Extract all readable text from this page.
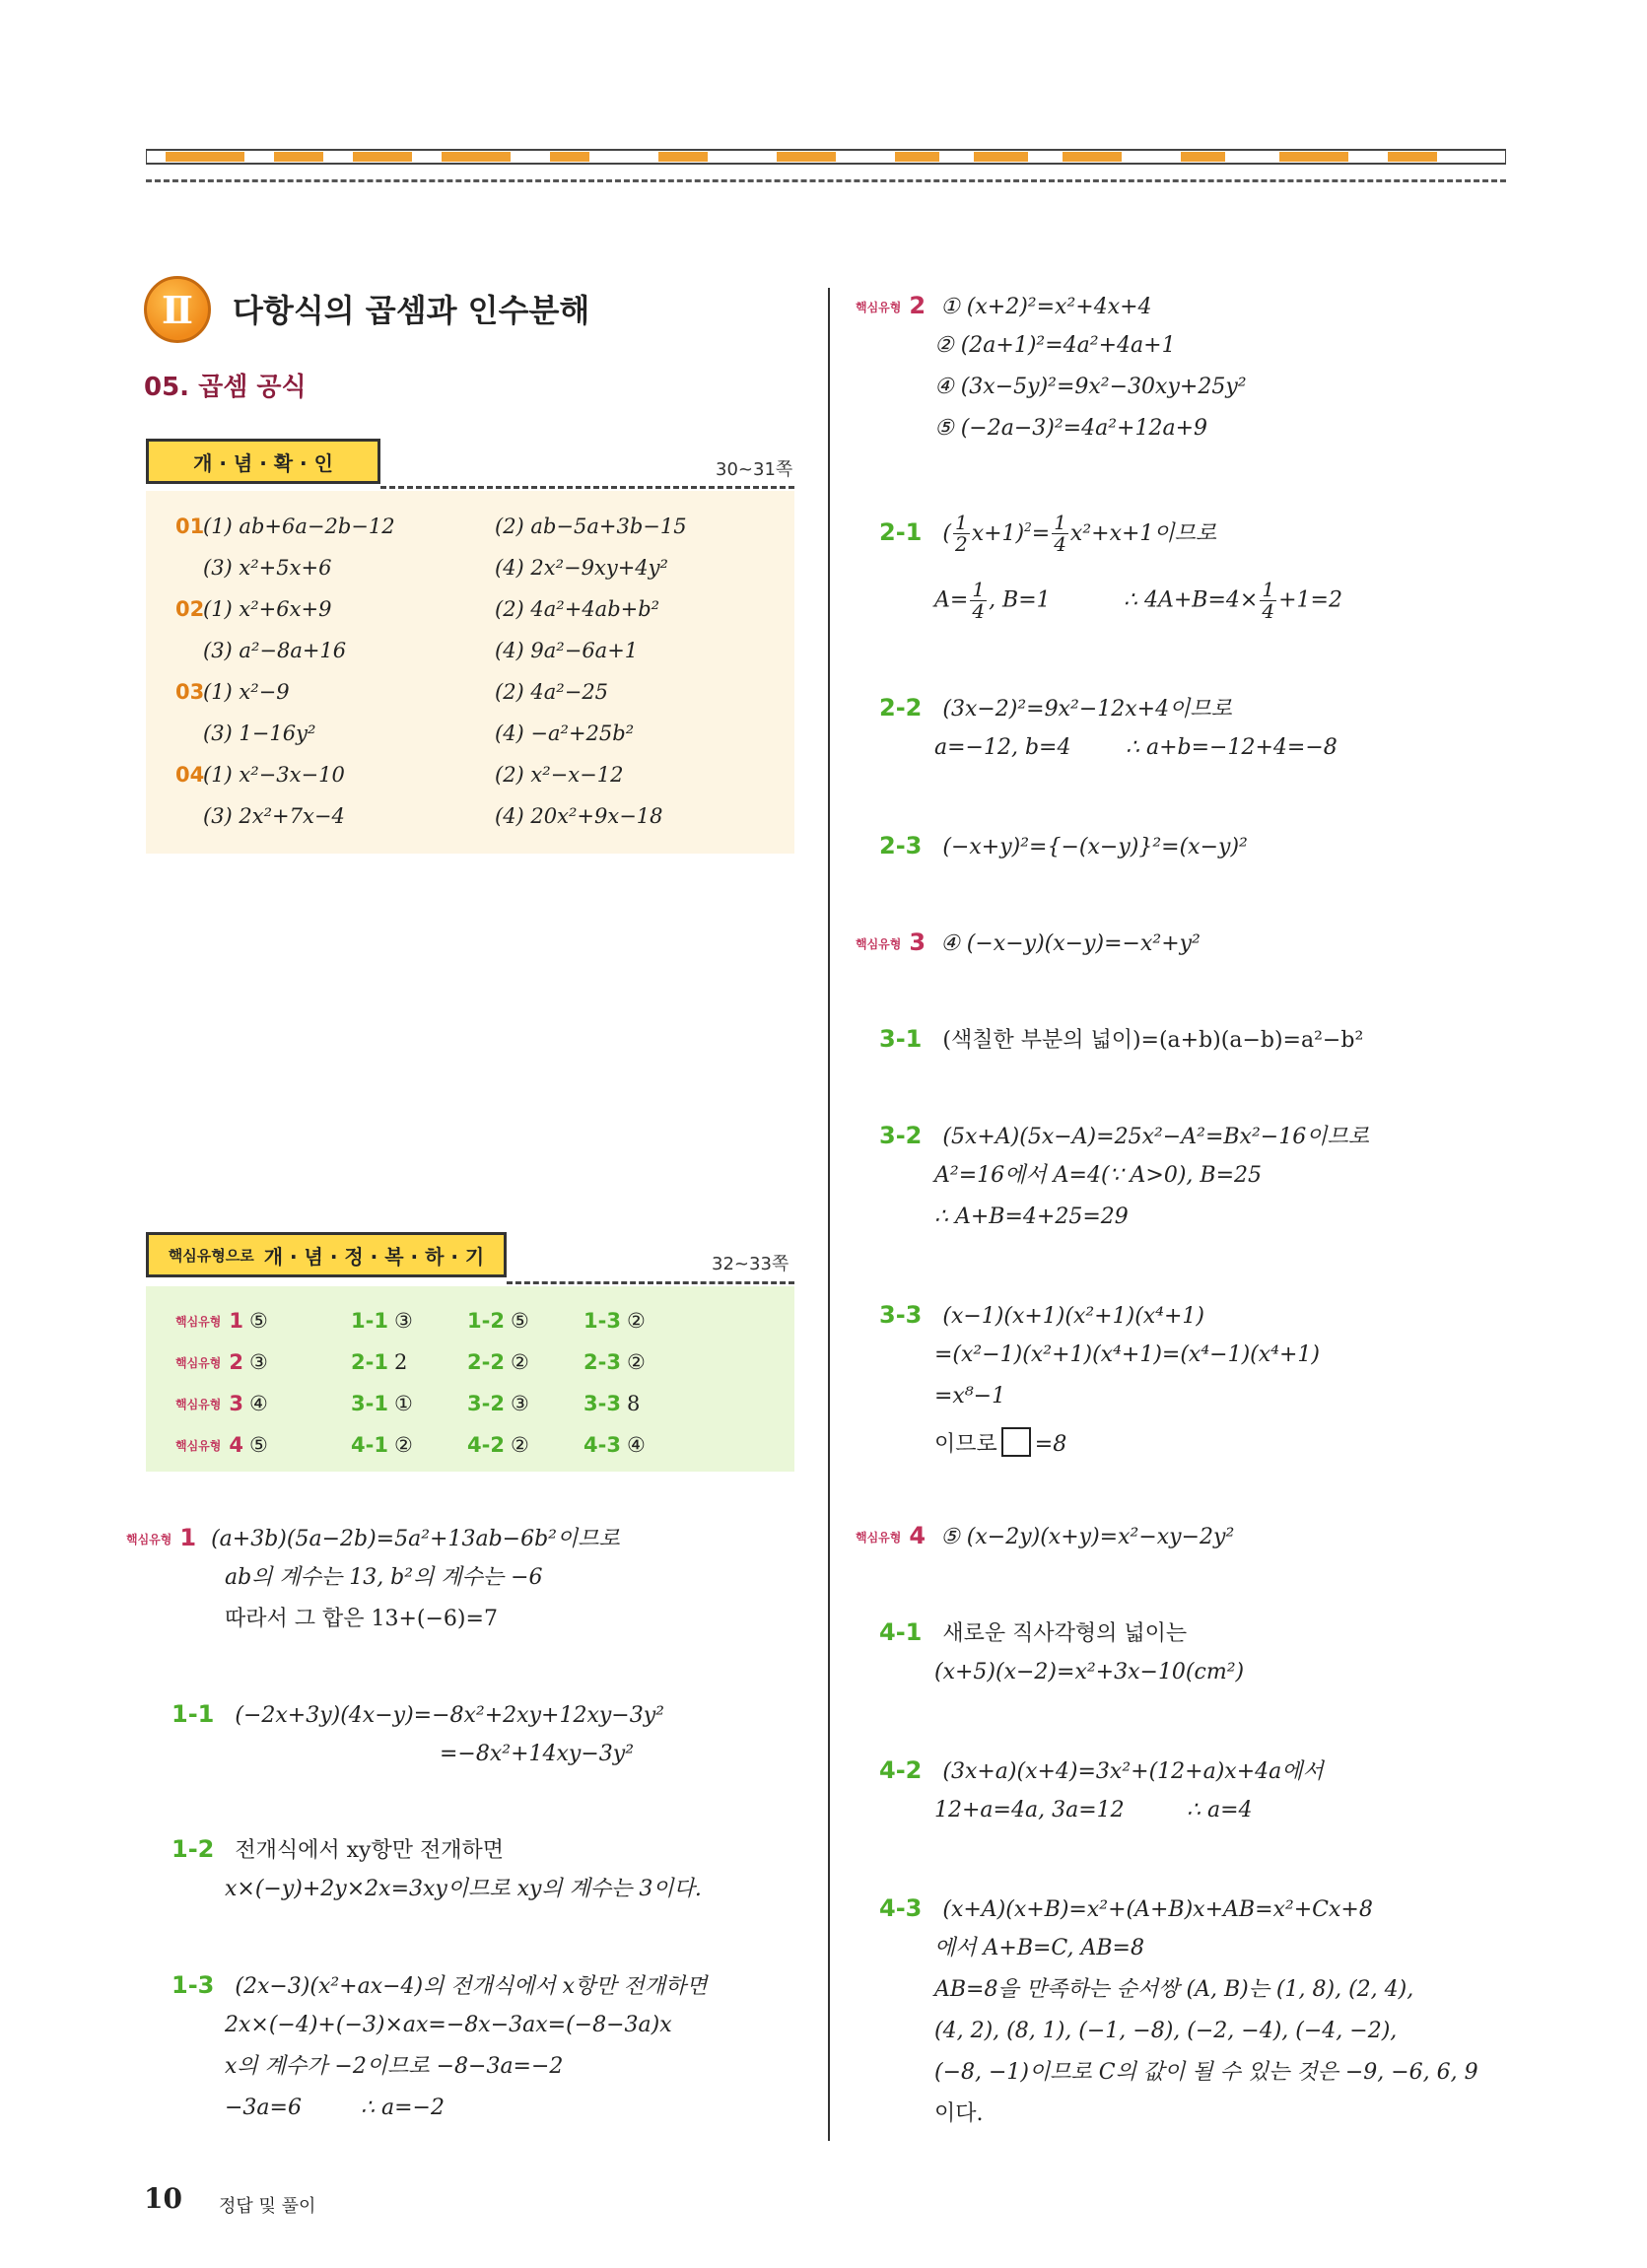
Ⅱ 다항식의 곱셈과 인수분해
05. 곱셈 공식
개 · 념 · 확 · 인	30~31쪽
01
(1) ab+6a−2b−12	(2) ab−5a+3b−15
(3) x²+5x+6	(4) 2x²−9xy+4y²
02
(1) x²+6x+9	(2) 4a²+4ab+b²
(3) a²−8a+16	(4) 9a²−6a+1
03
(1) x²−9	(2) 4a²−25
(3) 1−16y²	(4) −a²+25b²
04
(1) x²−3x−10	(2) x²−x−12
(3) 2x²+7x−4	(4) 20x²+9x−18
핵심유형으로 개 · 념 · 정 · 복 · 하 · 기	32~33쪽
핵심유형 1 ⑤	1-1 ③	1-2 ⑤	1-3 ②
핵심유형 2 ③	2-1 2	2-2 ②	2-3 ②
핵심유형 3 ④	3-1 ①	3-2 ③	3-3 8
핵심유형 4 ⑤	4-1 ②	4-2 ②	4-3 ④
핵심유형 1 (a+3b)(5a−2b)=5a²+13ab−6b²이므로
ab의 계수는 13, b²의 계수는 −6
따라서 그 합은 13+(−6)=7
1-1 (−2x+3y)(4x−y)=−8x²+2xy+12xy−3y²
=−8x²+14xy−3y²
1-2 전개식에서 xy항만 전개하면
x×(−y)+2y×2x=3xy이므로 xy의 계수는 3이다.
1-3 (2x−3)(x²+ax−4)의 전개식에서 x항만 전개하면
2x×(−4)+(−3)×ax=−8x−3ax=(−8−3a)x
x의 계수가 −2이므로 −8−3a=−2
−3a=6	∴ a=−2
핵심유형 2 ① (x+2)²=x²+4x+4
② (2a+1)²=4a²+4a+1
④ (3x−5y)²=9x²−30xy+25y²
⑤ (−2a−3)²=4a²+12a+9
2-1 ( $\frac{1}{2} x+1)^2= \frac{1}{4} x^2+x+1$이므로
$A= \frac{1}{4}$ , B=1	∴ $4A+B=4\times \frac{1}{4} +1=2$
2-2 (3x−2)²=9x²−12x+4이므로
a=−12, b=4	∴ a+b=−12+4=−8
2-3 (−x+y)²={−(x−y)}²=(x−y)²
핵심유형 3 ④ (−x−y)(x−y)=−x²+y²
3-1 (색칠한 부분의 넓이)=(a+b)(a−b)=a²−b²
3-2 (5x+A)(5x−A)=25x²−A²=Bx²−16이므로
A²=16에서 A=4(∵ A>0), B=25
∴ A+B=4+25=29
3-3 (x−1)(x+1)(x²+1)(x⁴+1)
=(x²−1)(x²+1)(x⁴+1)=(x⁴−1)(x⁴+1)
=x⁸−1
이므로 =8
핵심유형 4 ⑤ (x−2y)(x+y)=x²−xy−2y²
4-1 새로운 직사각형의 넓이는
(x+5)(x−2)=x²+3x−10(cm²)
4-2 (3x+a)(x+4)=3x²+(12+a)x+4a에서
12+a=4a, 3a=12	∴ a=4
4-3 (x+A)(x+B)=x²+(A+B)x+AB=x²+Cx+8
에서 A+B=C, AB=8
AB=8을 만족하는 순서쌍 (A, B)는 (1, 8), (2, 4),
(4, 2), (8, 1), (−1, −8), (−2, −4), (−4, −2),
(−8, −1)이므로 C의 값이 될 수 있는 것은 −9, −6, 6, 9
이다.
10 정답 및 풀이
